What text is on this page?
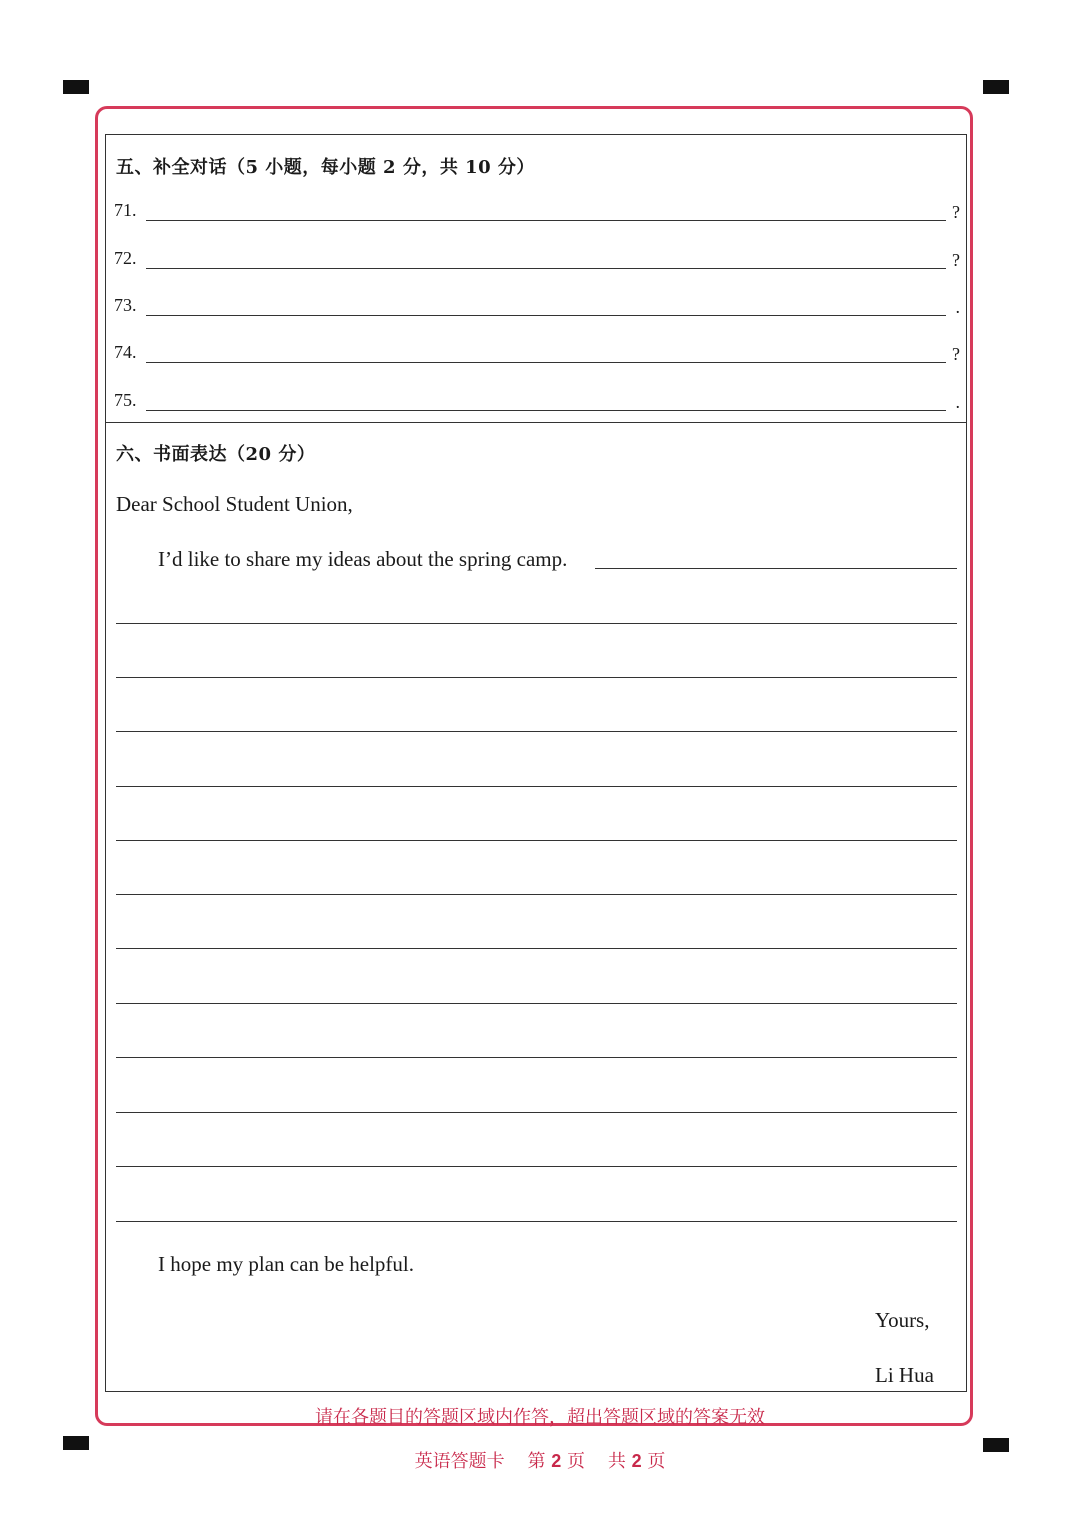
五、补全对话（5 小题，每小题 2 分，共 10 分）
71.	?
72.	?
73.	.
74.	?
75.	.
六、书面表达（20 分）
Dear School Student Union,
I’d like to share my ideas about the spring camp.
I hope my plan can be helpful.
Yours,
Li Hua
请在各题目的答题区域内作答，超出答题区域的答案无效
英语答题卡 第 2 页 共 2 页
